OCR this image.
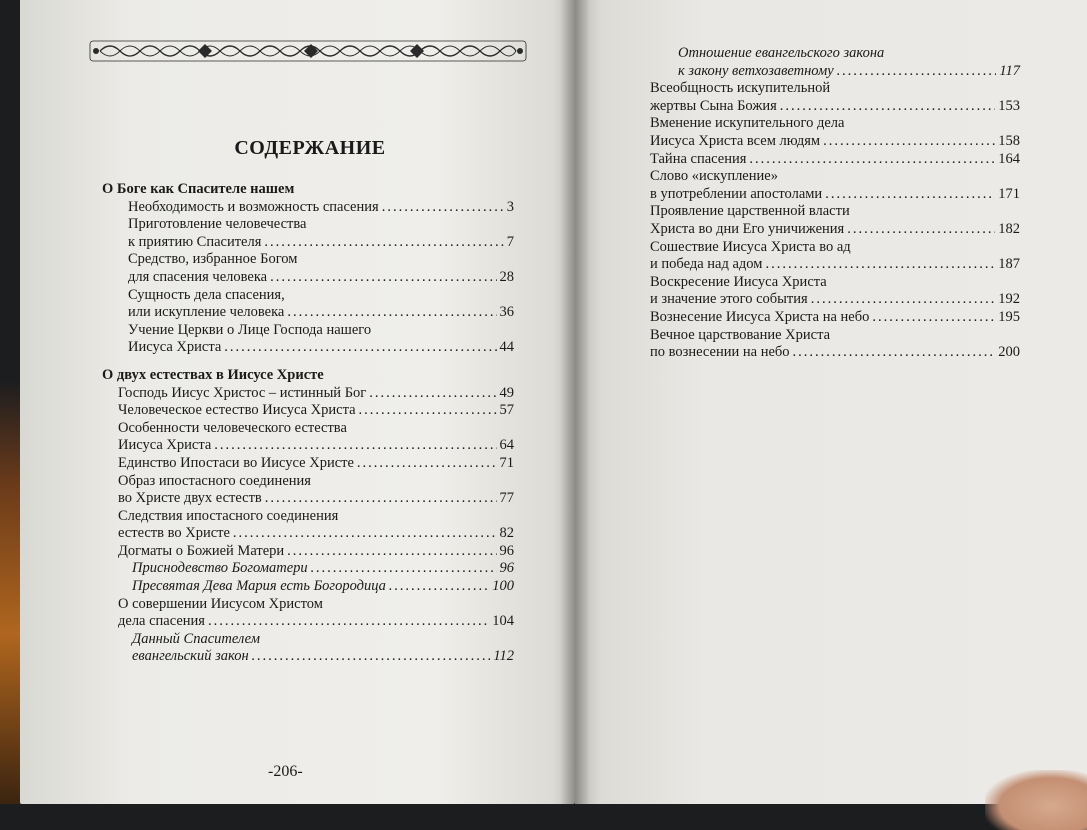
СОДЕРЖАНИЕ
О Боге как Спасителе нашем
Необходимость и возможность спасения .....	3
Приготовление человечества
к приятию Спасителя .....	7
Средство, избранное Богом
для спасения человека .....	28
Сущность дела спасения,
или искупление человека .....	36
Учение Церкви о Лице Господа нашего
Иисуса Христа .....	44
О двух естествах в Иисусе Христе
Господь Иисус Христос – истинный Бог .....	49
Человеческое естество Иисуса Христа .....	57
Особенности человеческого естества
Иисуса Христа .....	64
Единство Ипостаси во Иисусе Христе .....	71
Образ ипостасного соединения
во Христе двух естеств .....	77
Следствия ипостасного соединения
естеств во Христе .....	82
Догматы о Божией Матери .....	96
Приснодевство Богоматери .....	96
Пресвятая Дева Мария есть Богородица .....	100
О совершении Иисусом Христом
дела спасения .....	104
Данный Спасителем
евангельский закон .....	112
Отношение евангельского закона
к закону ветхозаветному .....	117
Всеобщность искупительной
жертвы Сына Божия .....	153
Вменение искупительного дела
Иисуса Христа всем людям .....	158
Тайна спасения .....	164
Слово «искупление»
в употреблении апостолами .....	171
Проявление царственной власти
Христа во дни Его уничижения .....	182
Сошествие Иисуса Христа во ад
и победа над адом .....	187
Воскресение Иисуса Христа
и значение этого события .....	192
Вознесение Иисуса Христа на небо .....	195
Вечное царствование Христа
по вознесении на небо .....	200
-206-
